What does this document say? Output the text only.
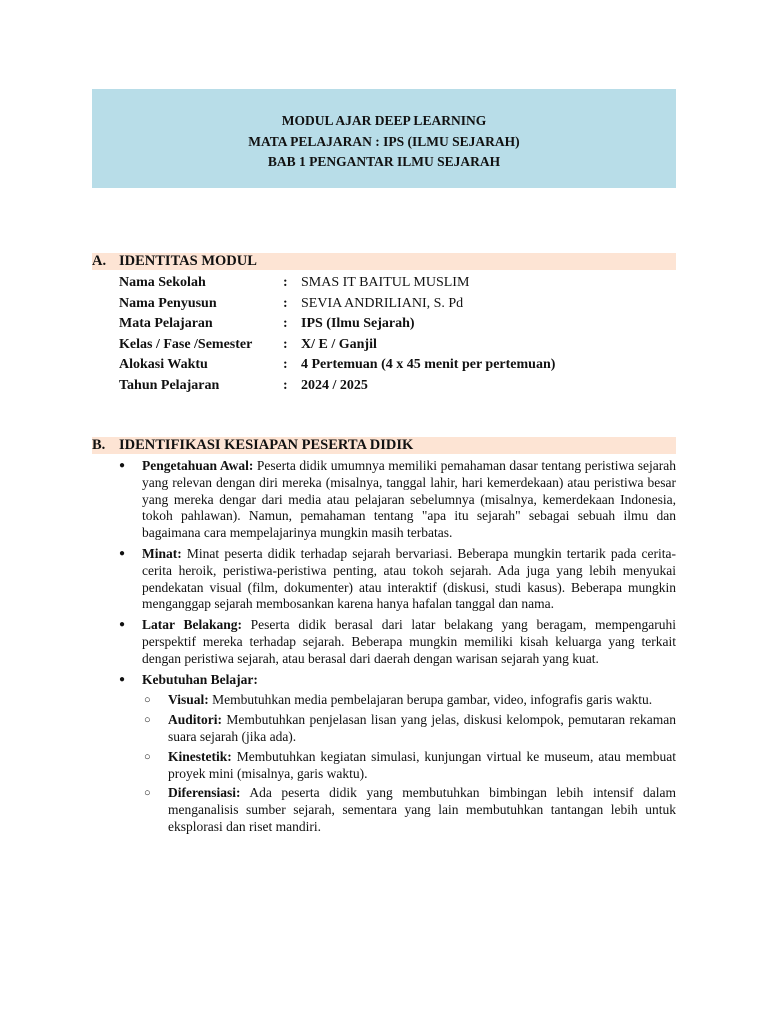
MODUL AJAR DEEP LEARNING
MATA PELAJARAN : IPS (ILMU SEJARAH)
BAB 1 PENGANTAR ILMU SEJARAH
A. IDENTITAS MODUL
Nama Sekolah	: SMAS IT BAITUL MUSLIM
Nama Penyusun	: SEVIA ANDRILIANI, S. Pd
Mata Pelajaran	: IPS (Ilmu Sejarah)
Kelas / Fase /Semester : X/ E / Ganjil
Alokasi Waktu	: 4 Pertemuan (4 x 45 menit per pertemuan)
Tahun Pelajaran	: 2024 / 2025
B. IDENTIFIKASI KESIAPAN PESERTA DIDIK
● Pengetahuan Awal: Peserta didik umumnya memiliki pemahaman dasar tentang peristiwa sejarah yang relevan dengan diri mereka (misalnya, tanggal lahir, hari kemerdekaan) atau peristiwa besar yang mereka dengar dari media atau pelajaran sebelumnya (misalnya, kemerdekaan Indonesia, tokoh pahlawan). Namun, pemahaman tentang "apa itu sejarah" sebagai sebuah ilmu dan bagaimana cara mempelajarinya mungkin masih terbatas.
● Minat: Minat peserta didik terhadap sejarah bervariasi. Beberapa mungkin tertarik pada cerita-cerita heroik, peristiwa-peristiwa penting, atau tokoh sejarah. Ada juga yang lebih menyukai pendekatan visual (film, dokumenter) atau interaktif (diskusi, studi kasus). Beberapa mungkin menganggap sejarah membosankan karena hanya hafalan tanggal dan nama.
● Latar Belakang: Peserta didik berasal dari latar belakang yang beragam, mempengaruhi perspektif mereka terhadap sejarah. Beberapa mungkin memiliki kisah keluarga yang terkait dengan peristiwa sejarah, atau berasal dari daerah dengan warisan sejarah yang kuat.
● Kebutuhan Belajar:
○ Visual: Membutuhkan media pembelajaran berupa gambar, video, infografis garis waktu.
○ Auditori: Membutuhkan penjelasan lisan yang jelas, diskusi kelompok, pemutaran rekaman suara sejarah (jika ada).
○ Kinestetik: Membutuhkan kegiatan simulasi, kunjungan virtual ke museum, atau membuat proyek mini (misalnya, garis waktu).
○ Diferensiasi: Ada peserta didik yang membutuhkan bimbingan lebih intensif dalam menganalisis sumber sejarah, sementara yang lain membutuhkan tantangan lebih untuk eksplorasi dan riset mandiri.
